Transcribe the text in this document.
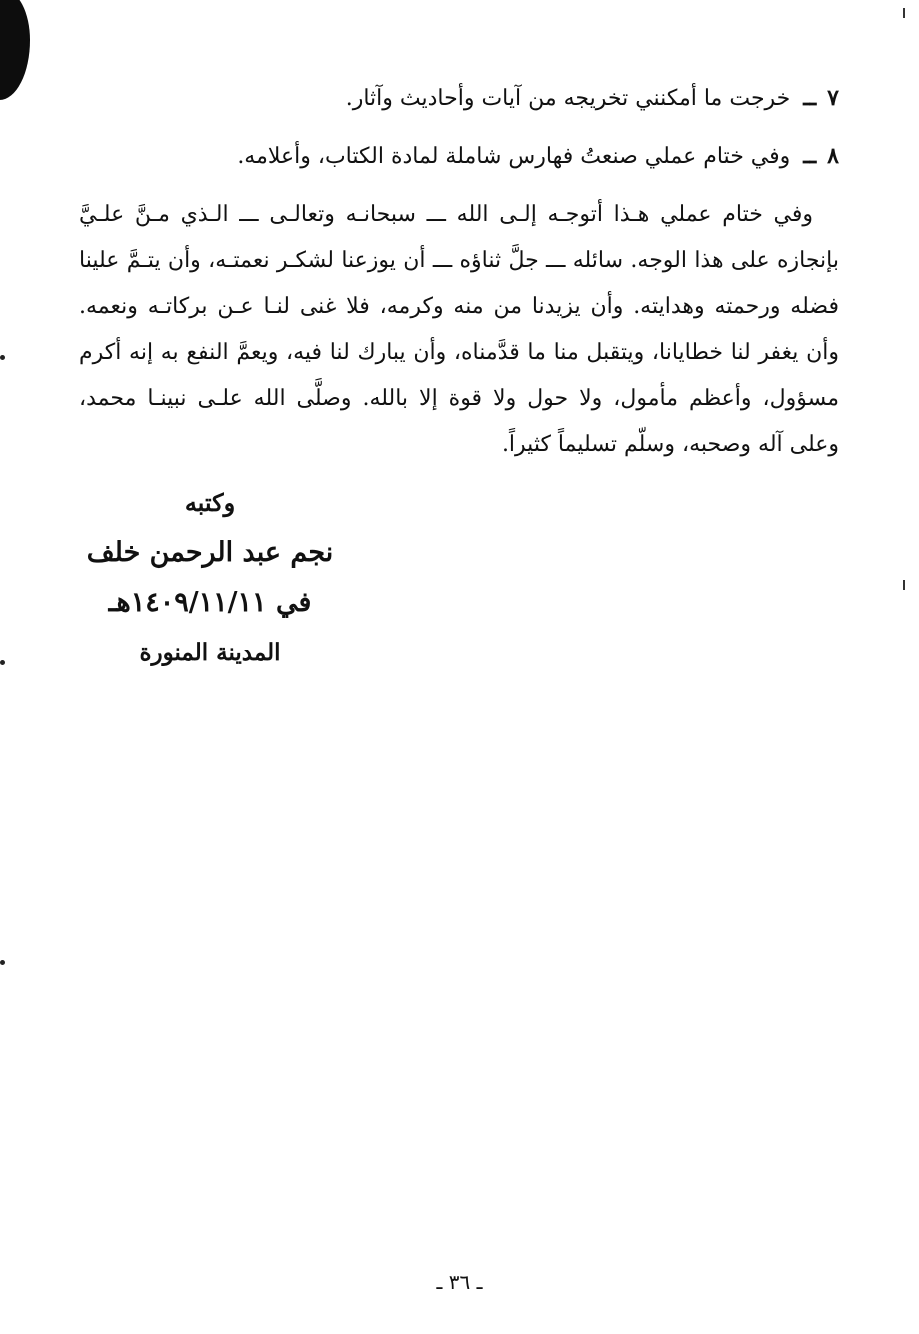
٧ ــ خرجت ما أمكنني تخريجه من آيات وأحاديث وآثار.
٨ ــ وفي ختام عملي صنعتُ فهارس شاملة لمادة الكتاب، وأعلامه.

وفي ختام عملي هـذا أتوجـه إلـى الله ـــ سبحانـه وتعالـى ـــ الـذي مـنَّ علـيَّ بإنجازه على هذا الوجه. سائله ـــ جلَّ ثناؤه ـــ أن يوزعنا لشكـر نعمتـه، وأن يتـمَّ علينا فضله ورحمته وهدايته. وأن يزيدنا من منه وكرمه، فلا غنى لنـا عـن بركاتـه ونعمه. وأن يغفر لنا خطايانا، ويتقبل منا ما قدَّمناه، وأن يبارك لنا فيه، ويعمَّ النفع به إنه أكرم مسؤول، وأعظم مأمول، ولا حول ولا قوة إلا بالله. وصلَّى الله علـى نبينـا محمد، وعلى آله وصحبه، وسلّم تسليماً كثيراً.

وكتبه
نجم عبد الرحمن خلف
في ١٤٠٩/١١/١١هـ
المدينة المنورة
ـ ٣٦ ـ
